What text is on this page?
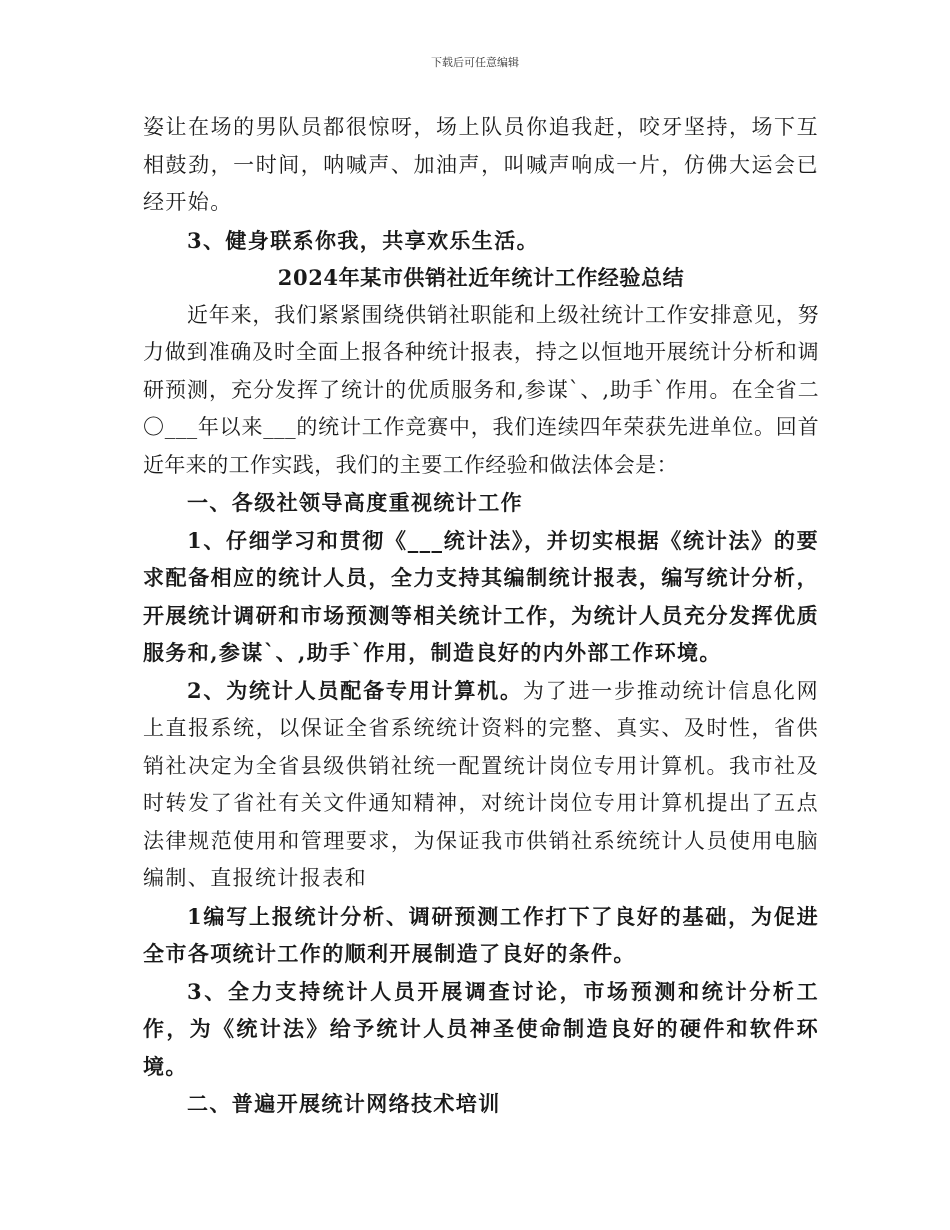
下载后可任意编辑

姿让在场的男队员都很惊呀，场上队员你追我赶，咬牙坚持，场下互相鼓劲，一时间，呐喊声、加油声，叫喊声响成一片，仿佛大运会已经开始。

3、健身联系你我，共享欢乐生活。

2024年某市供销社近年统计工作经验总结

近年来，我们紧紧围绕供销社职能和上级社统计工作安排意见，努力做到准确及时全面上报各种统计报表，持之以恒地开展统计分析和调研预测，充分发挥了统计的优质服务和,参谋`、,助手`作用。在全省二〇___年以来___的统计工作竞赛中，我们连续四年荣获先进单位。回首近年来的工作实践，我们的主要工作经验和做法体会是：

一、各级社领导高度重视统计工作

1、仔细学习和贯彻《___统计法》，并切实根据《统计法》的要求配备相应的统计人员，全力支持其编制统计报表，编写统计分析，开展统计调研和市场预测等相关统计工作，为统计人员充分发挥优质服务和,参谋`、,助手`作用，制造良好的内外部工作环境。

2、为统计人员配备专用计算机。为了进一步推动统计信息化网上直报系统，以保证全省系统统计资料的完整、真实、及时性，省供销社决定为全省县级供销社统一配置统计岗位专用计算机。我市社及时转发了省社有关文件通知精神，对统计岗位专用计算机提出了五点法律规范使用和管理要求，为保证我市供销社系统统计人员使用电脑编制、直报统计报表和

1编写上报统计分析、调研预测工作打下了良好的基础，为促进全市各项统计工作的顺利开展制造了良好的条件。

3、全力支持统计人员开展调查讨论，市场预测和统计分析工作，为《统计法》给予统计人员神圣使命制造良好的硬件和软件环境。

二、普遍开展统计网络技术培训
